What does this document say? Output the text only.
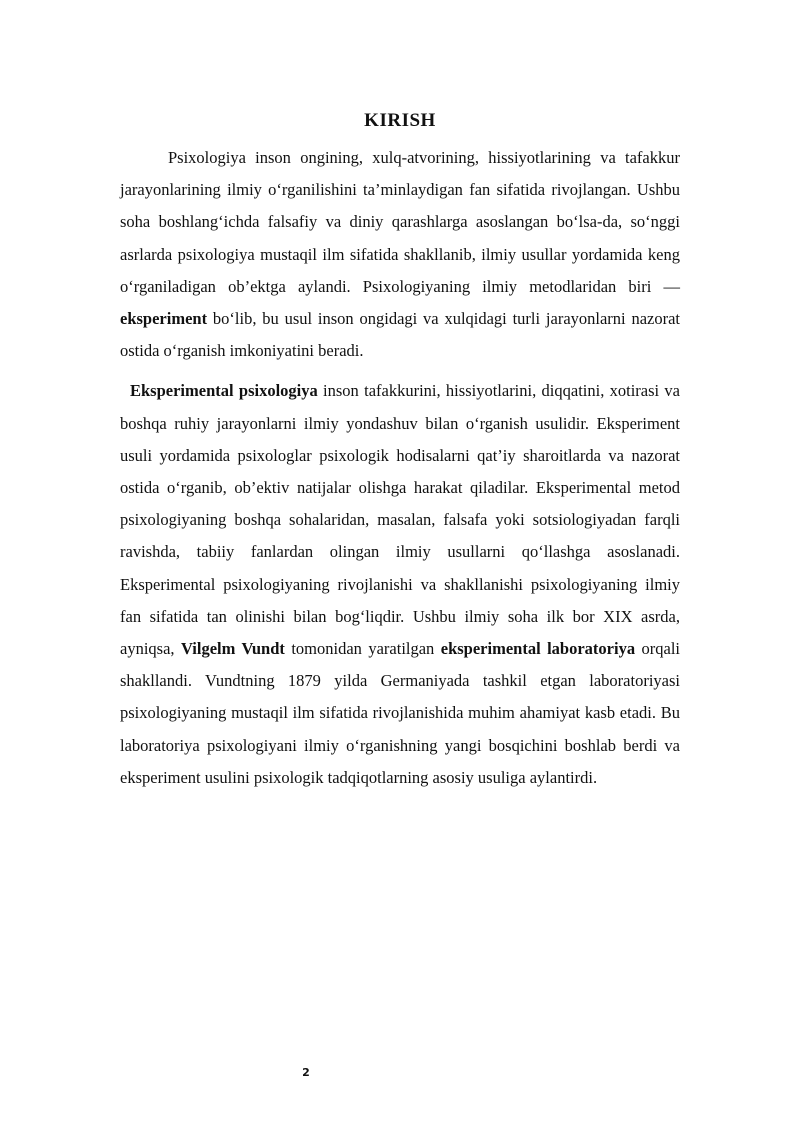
KIRISH

Psixologiya inson ongining, xulq-atvorining, hissiyotlarining va tafakkur jarayonlarining ilmiy o‘rganilishini ta’minlaydigan fan sifatida rivojlangan. Ushbu soha boshlang‘ichda falsafiy va diniy qarashlarga asoslangan bo‘lsa-da, so‘nggi asrlarda psixologiya mustaqil ilm sifatida shakllanib, ilmiy usullar yordamida keng o‘rganiladigan ob’ektga aylandi. Psixologiyaning ilmiy metodlaridan biri — eksperiment bo‘lib, bu usul inson ongidagi va xulqidagi turli jarayonlarni nazorat ostida o‘rganish imkoniyatini beradi.

Eksperimental psixologiya inson tafakkurini, hissiyotlarini, diqqatini, xotirasi va boshqa ruhiy jarayonlarni ilmiy yondashuv bilan o‘rganish usulidir. Eksperiment usuli yordamida psixologlar psixologik hodisalarni qat’iy sharoitlarda va nazorat ostida o‘rganib, ob’ektiv natijalar olishga harakat qiladilar. Eksperimental metod psixologiyaning boshqa sohalaridan, masalan, falsafa yoki sotsiologiyadan farqli ravishda, tabiiy fanlardan olingan ilmiy usullarni qo‘llashga asoslanadi. Eksperimental psixologiyaning rivojlanishi va shakllanishi psixologiyaning ilmiy fan sifatida tan olinishi bilan bog‘liqdir. Ushbu ilmiy soha ilk bor XIX asrda, ayniqsa, Vilgelm Vundt tomonidan yaratilgan eksperimental laboratoriya orqali shakllandi. Vundtning 1879 yilda Germaniyada tashkil etgan laboratoriyasi psixologiyaning mustaqil ilm sifatida rivojlanishida muhim ahamiyat kasb etadi. Bu laboratoriya psixologiyani ilmiy o‘rganishning yangi bosqichini boshlab berdi va eksperiment usulini psixologik tadqiqotlarning asosiy usuliga aylantirdi.

2
